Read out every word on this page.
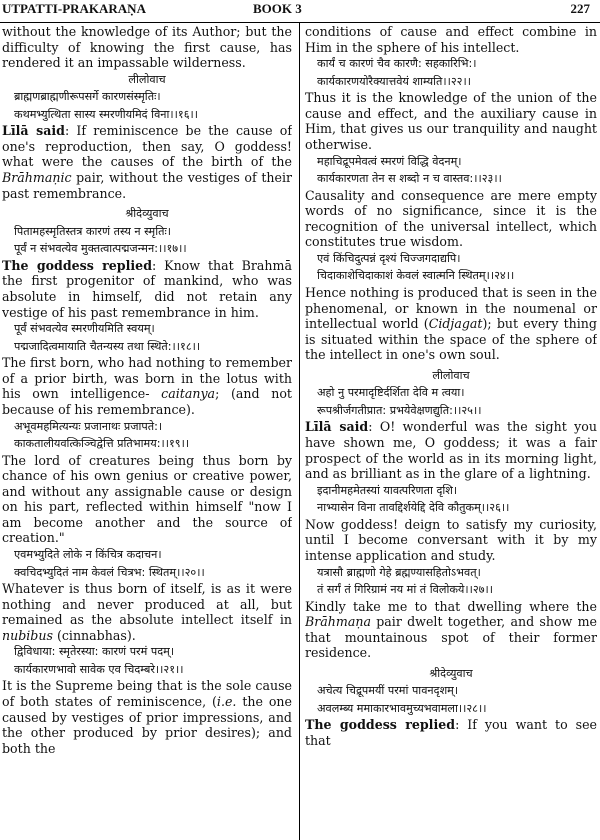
UTPATTI-PRAKARAṆA	BOOK 3	227

without the knowledge of its Author; but the difficulty of knowing the first cause, has rendered it an impassable wilderness.

लीलोवाच

ब्राह्मणब्राह्मणीरूपसर्गे कारणसंस्मृतिः।

कथमभ्युत्थिता सास्य स्मरणीयमिदं विना।।१६।।

Līlā said: If reminiscence be the cause of one's reproduction, then say, O goddess! what were the causes of the birth of the Brāhmaṇic pair, without the vestiges of their past remembrance.

श्रीदेव्युवाच

पितामहस्मृतिस्तत्र कारणं तस्य न स्मृतिः।

पूर्वं न संभवत्येव मुक्तत्वात्पद्मजन्मन:।।१७।।

The goddess replied: Know that Brahmā the first progenitor of mankind, who was absolute in himself, did not retain any vestige of his past remembrance in him.

पूर्वं संभवत्येव स्मरणीयमिति स्वयम्।

पद्मजादित्वमायाति चैतन्यस्य तथा स्थिते:।।१८।।

The first born, who had nothing to remember of a prior birth, was born in the lotus with his own intelligence- caitanya; (and not because of his remembrance).

अभूवमहमित्यन्यः प्रजानाथः प्रजापते:।

काकतालीयवत्किञ्चिद्वेत्ति प्रतिभामय:।।१९।।

The lord of creatures being thus born by chance of his own genius or creative power, and without any assignable cause or design on his part, reflected within himself "now I am become another and the source of creation."

एवमभ्युदिते लोके न किंचित्र कदाचन।

क्वचिदभ्युदितं नाम केवलं चित्रभ: स्थितम्।।२०।।

Whatever is thus born of itself, is as it were nothing and never produced at all, but remained as the absolute intellect itself in nubibus (cinnabhas).

द्विविधाया: स्मृतेरस्या: कारणं परमं पदम्।

कार्यकारणभावो सावेक एव चिदम्बरे।।२१।।

It is the Supreme being that is the sole cause of both states of reminiscence, (i.e. the one caused by vestiges of prior impressions, and the other produced by prior desires); and both the

conditions of cause and effect combine in Him in the sphere of his intellect.

कार्यं च कारणं चैव कारणै: सहकारिभि:।

कार्यकारणयोरैक्यात्तवेयं शाम्यति।।२२।।

Thus it is the knowledge of the union of the cause and effect, and the auxiliary cause in Him, that gives us our tranquility and naught otherwise.

महाचिद्रूपमेवत्वं स्मरणं विद्धि वेदनम्।

कार्यकारणता तेन स शब्दो न च वास्तव:।।२३।।

Causality and consequence are mere empty words of no significance, since it is the recognition of the universal intellect, which constitutes true wisdom.

एवं किंचिदुत्पन्नं दृश्यं चिज्जगदाद्यपि।

चिदाकाशेचिदाकाशं केवलं स्वात्मनि स्थितम्।।२४।।

Hence nothing is produced that is seen in the phenomenal, or known in the noumenal or intellectual world (Cidjagat); but every thing is situated within the space of the sphere of the intellect in one's own soul.

लीलोवाच

अहो नु परमादृष्टिर्दर्शिता देवि म त्वया।

रूपश्रीर्जगतीप्रात: प्रभयेवेक्षणद्युति:।।२५।।

Līlā said: O! wonderful was the sight you have shown me, O goddess; it was a fair prospect of the world as in its morning light, and as brilliant as in the glare of a lightning.

इदानीमहमेतस्यां यावत्परिणता दृशि।

नाभ्यासेन विना तावद्दिर्शयेद्दि देवि कौतुकम्।।२६।।

Now goddess! deign to satisfy my curiosity, until I become conversant with it by my intense application and study.

यत्रासौ ब्राह्मणो गेहे ब्रह्मण्यासहितोऽभवत्।

तं सर्गं तं गिरिग्रामं नय मां तं विलोकये।।२७।।

Kindly take me to that dwelling where the Brāhmaṇa pair dwelt together, and show me that mountainous spot of their former residence.

श्रीदेव्युवाच

अचेत्य चिद्रूपमयीं परमां पावनदृशम्।

अवलम्ब्य ममाकारभावमुच्यभवामला।।२८।।

The goddess replied: If you want to see that
